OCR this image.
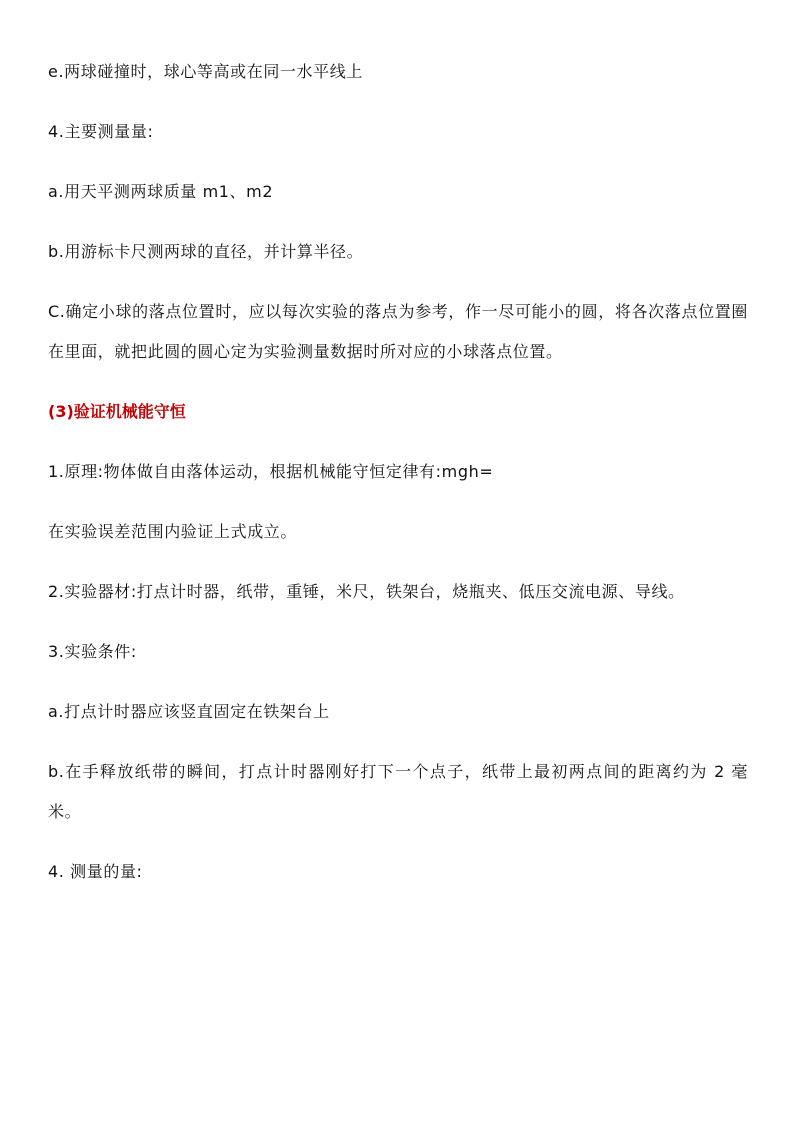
e.两球碰撞时，球心等高或在同一水平线上

4.主要测量量:

a.用天平测两球质量 m1、m2

b.用游标卡尺测两球的直径，并计算半径。

C.确定小球的落点位置时，应以每次实验的落点为参考，作一尽可能小的圆，将各次落点位置圈在里面，就把此圆的圆心定为实验测量数据时所对应的小球落点位置。

(3)验证机械能守恒

1.原理:物体做自由落体运动，根据机械能守恒定律有:mgh=

在实验误差范围内验证上式成立。

2.实验器材:打点计时器，纸带，重锤，米尺，铁架台，烧瓶夹、低压交流电源、导线。

3.实验条件:

a.打点计时器应该竖直固定在铁架台上

b.在手释放纸带的瞬间，打点计时器刚好打下一个点子，纸带上最初两点间的距离约为 2 毫米。

4. 测量的量:
